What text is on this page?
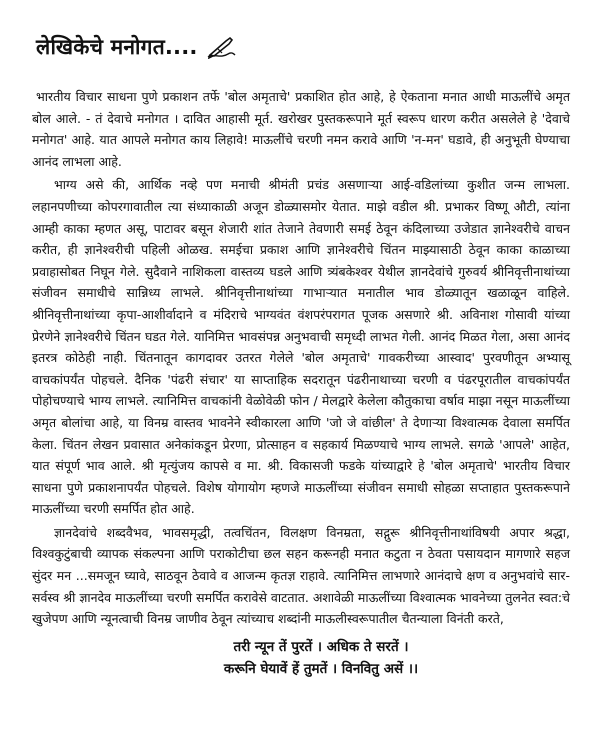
लेखिकेचे मनोगत....

भारतीय विचार साधना पुणे प्रकाशन तर्फे 'बोल अमृताचे' प्रकाशित होत आहे, हे ऐकताना मनात आधी माऊलींचे अमृत बोल आले. - तं देवाचे मनोगत । दावित आहासी मूर्त. खरोखर पुस्तकरूपाने मूर्त स्वरूप धारण करीत असलेले हे 'देवाचे मनोगत' आहे. यात आपले मनोगत काय लिहावे! माऊलींचे चरणी नमन करावे आणि 'न-मन' घडावे, ही अनुभूती घेण्याचा आनंद लाभला आहे.

भाग्य असे की, आर्थिक नव्हे पण मनाची श्रीमंती प्रचंड असणाऱ्या आई-वडिलांच्या कुशीत जन्म लाभला. लहानपणीच्या कोपरगावातील त्या संध्याकाळी अजून डोळ्यासमोर येतात. माझे वडील श्री. प्रभाकर विष्णू औटी, त्यांना आम्ही काका म्हणत असू, पाटावर बसून शेजारी शांत तेजाने तेवणारी समई ठेवून कंदिलाच्या उजेडात ज्ञानेश्वरीचे वाचन करीत, ही ज्ञानेश्वरीची पहिली ओळख. समईचा प्रकाश आणि ज्ञानेश्वरीचे चिंतन माझ्यासाठी ठेवून काका काळाच्या प्रवाहासोबत निघून गेले. सुदैवाने नाशिकला वास्तव्य घडले आणि त्र्यंबकेश्वर येथील ज्ञानदेवांचे गुरुवर्य श्रीनिवृत्तीनाथांच्या संजीवन समाधीचे सान्निध्य लाभले. श्रीनिवृत्तीनाथांच्या गाभाऱ्यात मनातील भाव डोळ्यातून खळाळून वाहिले. श्रीनिवृत्तीनाथांच्या कृपा-आशीर्वादाने व मंदिराचे भाग्यवंत वंशपरंपरागत पूजक असणारे श्री. अविनाश गोसावी यांच्या प्रेरणेने ज्ञानेश्वरीचे चिंतन घडत गेले. यानिमित्त भावसंपन्न अनुभवाची समृध्दी लाभत गेली. आनंद मिळत गेला, असा आनंद इतरत्र कोठेही नाही. चिंतनातून कागदावर उतरत गेलेले 'बोल अमृताचे' गावकरीच्या आस्वाद' पुरवणीतून अभ्यासू वाचकांपर्यंत पोहचले. दैनिक 'पंढरी संचार' या साप्ताहिक सदरातून पंढरीनाथाच्या चरणी व पंढरपूरातील वाचकांपर्यंत पोहोचण्याचे भाग्य लाभले. त्यानिमित्त वाचकांनी वेळोवेळी फोन / मेलद्वारे केलेला कौतुकाचा वर्षाव माझा नसून माऊलींच्या अमृत बोलांचा आहे, या विनम्र वास्तव भावनेने स्वीकारला आणि 'जो जे वांछील' ते देणाऱ्या विश्वात्मक देवाला समर्पित केला. चिंतन लेखन प्रवासात अनेकांकडून प्रेरणा, प्रोत्साहन व सहकार्य मिळण्याचे भाग्य लाभले. सगळे 'आपले' आहेत, यात संपूर्ण भाव आले. श्री मृत्युंजय कापसे व मा. श्री. विकासजी फडके यांच्याद्वारे हे 'बोल अमृताचे' भारतीय विचार साधना पुणे प्रकाशनापर्यंत पोहचले. विशेष योगायोग म्हणजे माऊलींच्या संजीवन समाधी सोहळा सप्ताहात पुस्तकरूपाने माऊलींच्या चरणी समर्पित होत आहे.

ज्ञानदेवांचे शब्दवैभव, भावसमृद्धी, तत्वचिंतन, विलक्षण विनम्रता, सद्गुरू श्रीनिवृत्तीनाथांविषयी अपार श्रद्धा, विश्वकुटुंबाची व्यापक संकल्पना आणि पराकोटीचा छल सहन करूनही मनात कटुता न ठेवता पसायदान मागणारे सहज सुंदर मन ...समजून घ्यावे, साठवून ठेवावे व आजन्म कृतज्ञ राहावे. त्यानिमित्त लाभणारे आनंदाचे क्षण व अनुभवांचे सार-सर्वस्व श्री ज्ञानदेव माऊलींच्या चरणी समर्पित करावेसे वाटतात. अशावेळी माऊलींच्या विश्वात्मक भावनेच्या तुलनेत स्वत:चे खुजेपण आणि न्यूनत्वाची विनम्र जाणीव ठेवून त्यांच्याच शब्दांनी माऊलीस्वरूपातील चैतन्याला विनंती करते,

तरी न्यून तें पुरतें । अधिक ते सरतें ।
करूनि घेयावें हें तुमतें । विनवितु असें ।।
